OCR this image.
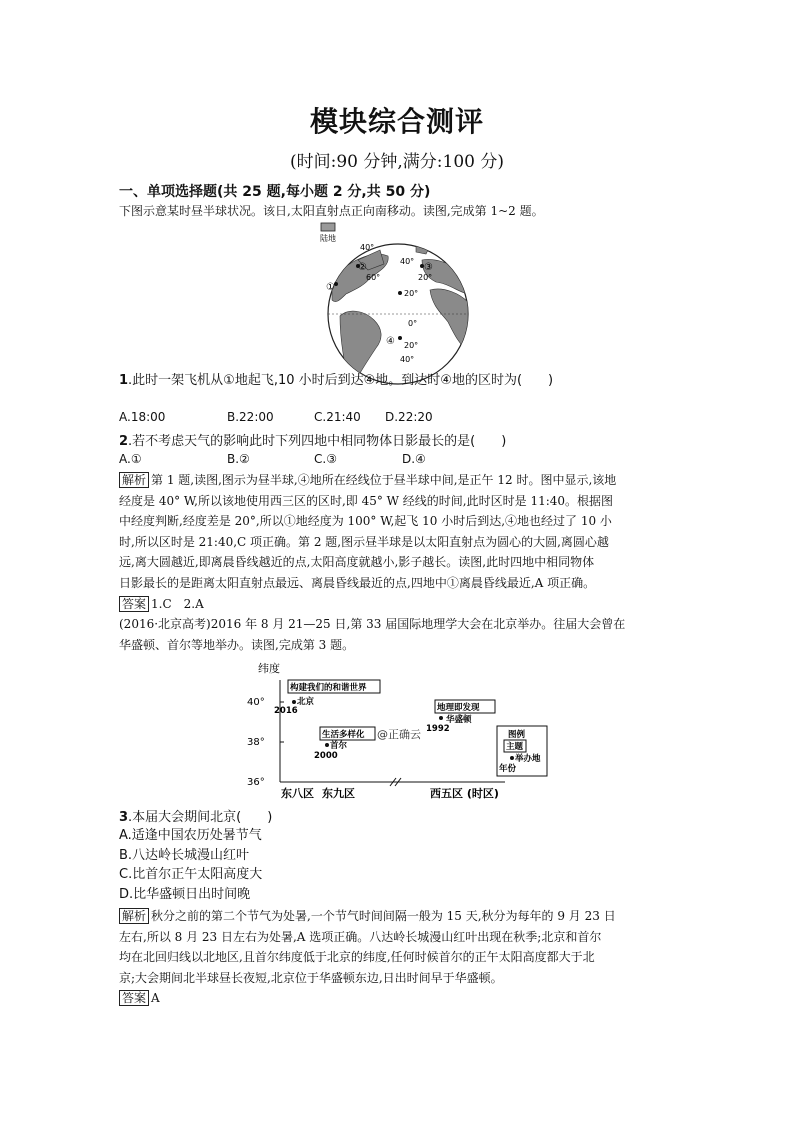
模块综合测评
(时间:90 分钟,满分:100 分)
一、单项选择题(共 25 题,每小题 2 分,共 50 分)
下图示意某时昼半球状况。该日,太阳直射点正向南移动。读图,完成第 1~2 题。
陆地
40°
40°
60°	20°
20°
0°
20°
40°
①
②	③
④
1.此时一架飞机从①地起飞,10 小时后到达④地。到达时④地的区时为(　　)
A.18:00	B.22:00	C.21:40 D.22:20
2.若不考虑天气的影响此时下列四地中相同物体日影最长的是(　　)
A.①	B.②	C.③	D.④
解析 第 1 题,读图,图示为昼半球,④地所在经线位于昼半球中间,是正午 12 时。图中显示,该地
经度是 40° W,所以该地使用西三区的区时,即 45° W 经线的时间,此时区时是 11:40。根据图
中经度判断,经度差是 20°,所以①地经度为 100° W,起飞 10 小时后到达,④地也经过了 10 小
时,所以区时是 21:40,C 项正确。第 2 题,图示昼半球是以太阳直射点为圆心的大圆,离圆心越
远,离大圆越近,即离晨昏线越近的点,太阳高度就越小,影子越长。读图,此时四地中相同物体
日影最长的是距离太阳直射点最远、离晨昏线最近的点,四地中①离晨昏线最近,A 项正确。
答案 1.C　2.A
(2016·北京高考)2016 年 8 月 21—25 日,第 33 届国际地理学大会在北京举办。往届大会曾在
华盛顿、首尔等地举办。读图,完成第 3 题。
纬度
40°
38°
36°
东八区 东九区	西五区 (时区)
构建我们的和谐世界
北京
2016
生活多样化
首尔
2000
@正确云
地理即发现
华盛顿
1992
图例
主题
举办地
年份
3.本届大会期间北京(　　)
A.适逢中国农历处暑节气
B.八达岭长城漫山红叶
C.比首尔正午太阳高度大
D.比华盛顿日出时间晚
解析 秋分之前的第二个节气为处暑,一个节气时间间隔一般为 15 天,秋分为每年的 9 月 23 日
左右,所以 8 月 23 日左右为处暑,A 选项正确。八达岭长城漫山红叶出现在秋季;北京和首尔
均在北回归线以北地区,且首尔纬度低于北京的纬度,任何时候首尔的正午太阳高度都大于北
京;大会期间北半球昼长夜短,北京位于华盛顿东边,日出时间早于华盛顿。
答案 A
